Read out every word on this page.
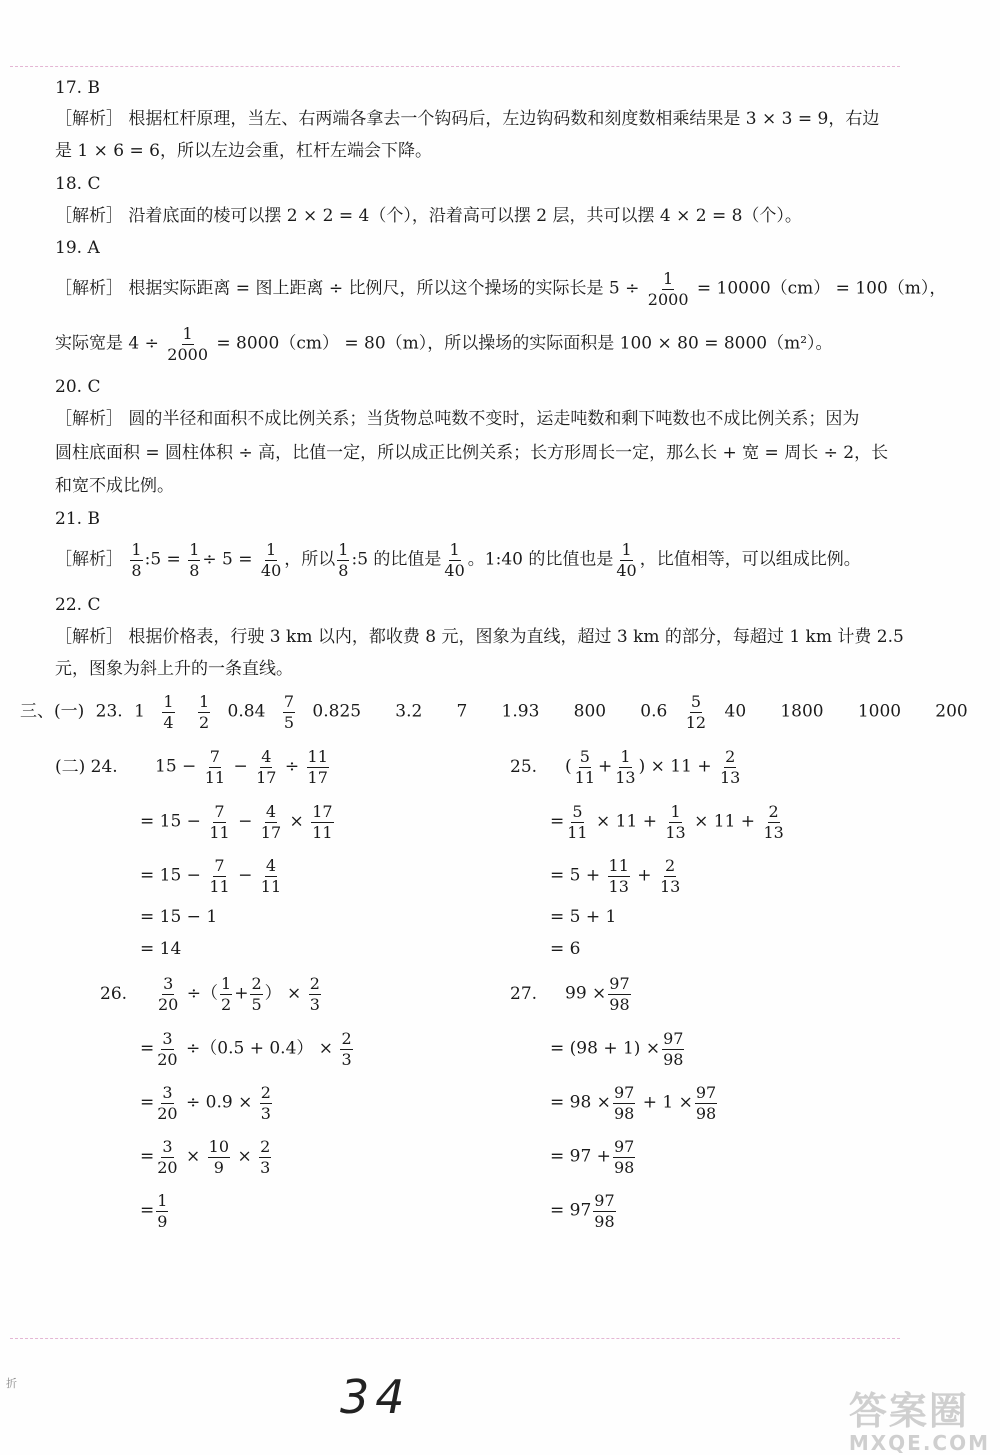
17. B
［解析］ 根据杠杆原理，当左、右两端各拿去一个钩码后，左边钩码数和刻度数相乘结果是 3 × 3 = 9，右边
是 1 × 6 = 6，所以左边会重，杠杆左端会下降。
18. C
［解析］ 沿着底面的棱可以摆 2 × 2 = 4（个），沿着高可以摆 2 层，共可以摆 4 × 2 = 8（个）。
19. A
［解析］ 根据实际距离 = 图上距离 ÷ 比例尺，所以这个操场的实际长是 $5 \div \frac{1}{2000} = 10000(cm) = 100(m)$，
实际宽是 $4 \div \frac{1}{2000} = 8000(cm) = 80(m)$，所以操场的实际面积是 100 × 80 = 8000（m²）。
20. C
［解析］ 圆的半径和面积不成比例关系；当货物总吨数不变时，运走吨数和剩下吨数也不成比例关系；因为
圆柱底面积 = 圆柱体积 ÷ 高，比值一定，所以成正比例关系；长方形周长一定，那么长 + 宽 = 周长 ÷ 2，长
和宽不成比例。
21. B
［解析］ $\frac{1}{8}$ :5 = $\frac{1}{8} \div 5 = \frac{1}{40}$ ，所以 $\frac{1}{8}$ :5 的比值是 $\frac{1}{40}$ 。1:40 的比值也是 $\frac{1}{40}$ ，比值相等，可以组成比例。
22. C
［解析］ 根据价格表，行驶 3 km 以内，都收费 8 元，图象为直线，超过 3 km 的部分，每超过 1 km 计费 2.5
元，图象为斜上升的一条直线。
三、(一) 23. $1 \frac{1}{4}$
$\frac{1}{2} 0.84 \frac{7}{5} 0.825$   3.2   7   1.93   800   $0.6 \frac{5}{12} 40$   1800   1000   200
(二) 24. $15 - \frac{7}{11} - \frac{4}{17} \div \frac{11}{17}$
= $15 - \frac{7}{11} - \frac{4}{17} \times \frac{17}{11}$
= $15 - \frac{7}{11} - \frac{4}{11}$
= 15 − 1
= 14
25. ( $\frac{5}{11} + \frac{1}{13}$ ) × $11 + \frac{2}{13}$
= $\frac{5}{11} \times 11 + \frac{1}{13} \times 11 + \frac{2}{13}$
= $5 + \frac{11}{13} + \frac{2}{13}$
= 5 + 1
= 6
26. $\frac{3}{20}$ ÷（ $\frac{1}{2} + \frac{2}{5}$ ） × $\frac{2}{3}$
= $\frac{3}{20} \div(0.5 + 0.4) \times \frac{2}{3}$
= $\frac{3}{20} \div 0.9 \times \frac{2}{3}$
= $\frac{3}{20} \times \frac{10}{9} \times \frac{2}{3}$
= $\frac{1}{9}$
27. $99 \times \frac{97}{98}$
= $(98 + 1) \times \frac{97}{98}$
= $98 \times \frac{97}{98} + 1 \times \frac{97}{98}$
= $97 + \frac{97}{98}$
= $97 \frac{97}{98}$
折	34	答案圈
MXQE.COM
